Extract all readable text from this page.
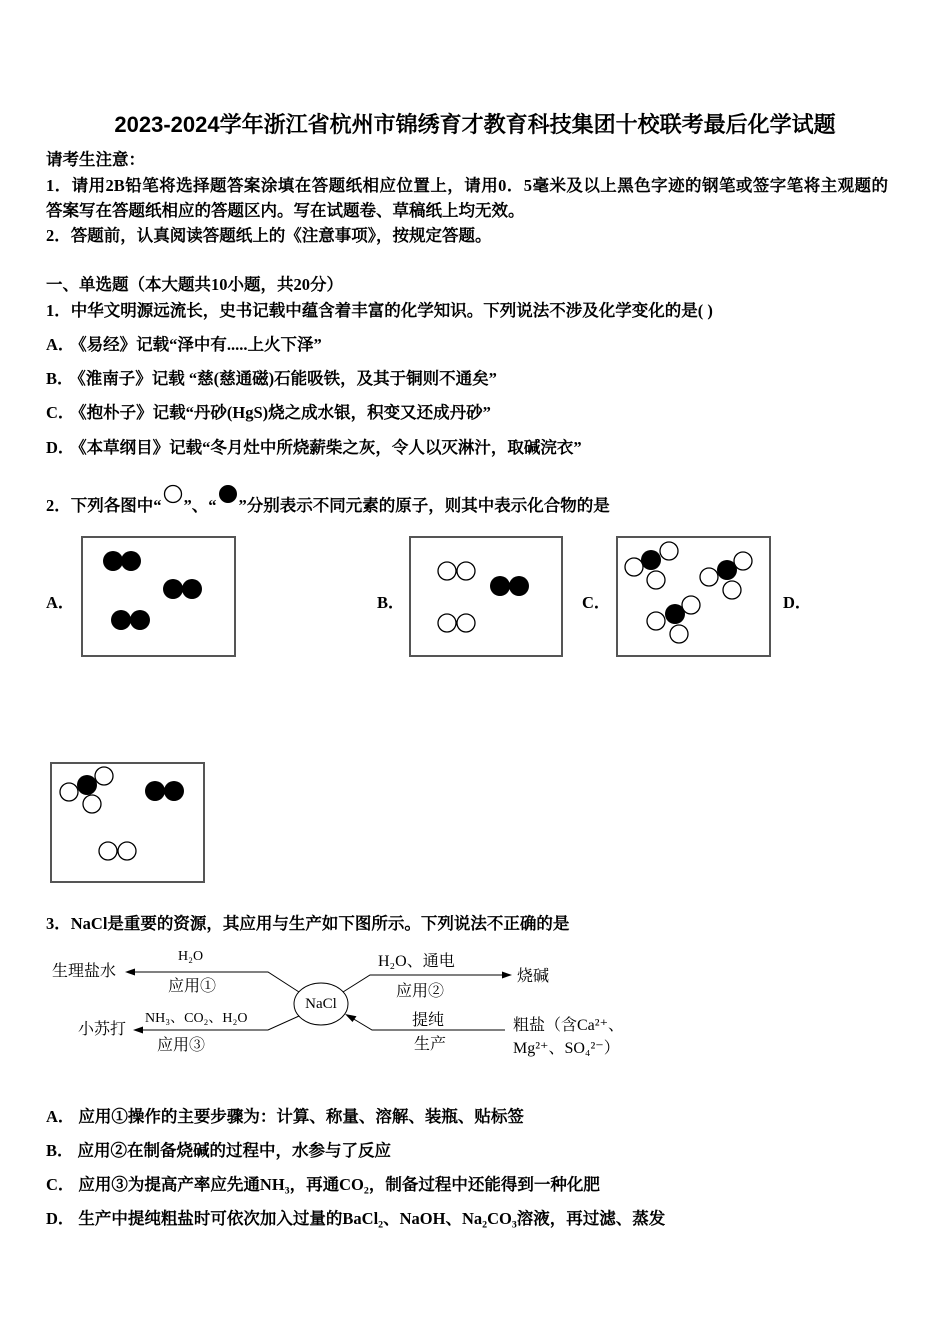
2023-2024学年浙江省杭州市锦绣育才教育科技集团十校联考最后化学试题
请考生注意：
1．请用2B铅笔将选择题答案涂填在答题纸相应位置上，请用0．5毫米及以上黑色字迹的钢笔或签字笔将主观题的
答案写在答题纸相应的答题区内。写在试题卷、草稿纸上均无效。
2．答题前，认真阅读答题纸上的《注意事项》，按规定答题。
一、单选题（本大题共10小题，共20分）
1．中华文明源远流长，史书记载中蕴含着丰富的化学知识。下列说法不涉及化学变化的是( )
A． 《易经》记载“泽中有.....上火下泽”
B． 《淮南子》记载 “慈(慈通磁)石能吸铁，及其于铜则不通矣”
C． 《抱朴子》记载“丹砂(HgS)烧之成水银，积变又还成丹砂”
D． 《本草纲目》记载“冬月灶中所烧薪柴之灰，令人以灭淋汁，取碱浣衣”
2．下列各图中“ ”、“ ”分别表示不同元素的原子，则其中表示化合物的是
A．	B．	C．	D．
3．NaCl是重要的资源，其应用与生产如下图所示。下列说法不正确的是
NaCl
生理盐水
H₂O
应用①
小苏打
NH₃、CO₂、H₂O
应用③
H₂O、通电
应用②
烧碱
提纯
生产
粗盐（含Ca²⁺、
Mg²⁺、SO₄²⁻）
A． 应用①操作的主要步骤为：计算、称量、溶解、装瓶、贴标签
B． 应用②在制备烧碱的过程中，水参与了反应
C． 应用③为提高产率应先通NH₃，再通CO₂，制备过程中还能得到一种化肥
D． 生产中提纯粗盐时可依次加入过量的BaCl₂、NaOH、Na₂CO₃溶液，再过滤、蒸发
